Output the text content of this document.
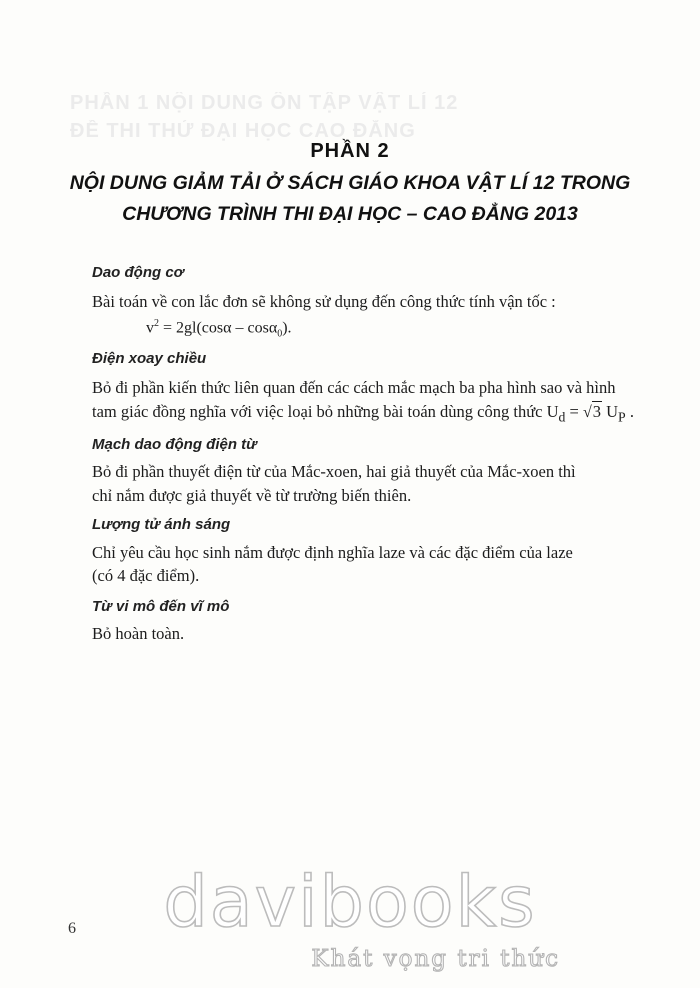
PHẦN 1 NỘI DUNG ÔN TẬP VẬT LÍ 12
ĐỀ THI THỬ ĐẠI HỌC CAO ĐẲNG
PHẦN 2
NỘI DUNG GIẢM TẢI Ở SÁCH GIÁO KHOA VẬT LÍ 12 TRONG
CHƯƠNG TRÌNH THI ĐẠI HỌC – CAO ĐẲNG 2013
Dao động cơ
Bài toán về con lắc đơn sẽ không sử dụng đến công thức tính vận tốc :
$v^2 = 2gl(\cos\alpha - \cos\alpha_0)$.
Điện xoay chiều
Bỏ đi phần kiến thức liên quan đến các cách mắc mạch ba pha hình sao và hình
tam giác đồng nghĩa với việc loại bỏ những bài toán dùng công thức $U_d = √3$ $U_P$ .
Mạch dao động điện từ
Bỏ đi phần thuyết điện từ của Mắc-xoen, hai giả thuyết của Mắc-xoen thì
chỉ nắm được giả thuyết về từ trường biến thiên.
Lượng tử ánh sáng
Chỉ yêu cầu học sinh nắm được định nghĩa laze và các đặc điểm của laze
(có 4 đặc điểm).
Từ vi mô đến vĩ mô
Bỏ hoàn toàn.
6	davibooks
Khát vọng tri thức
